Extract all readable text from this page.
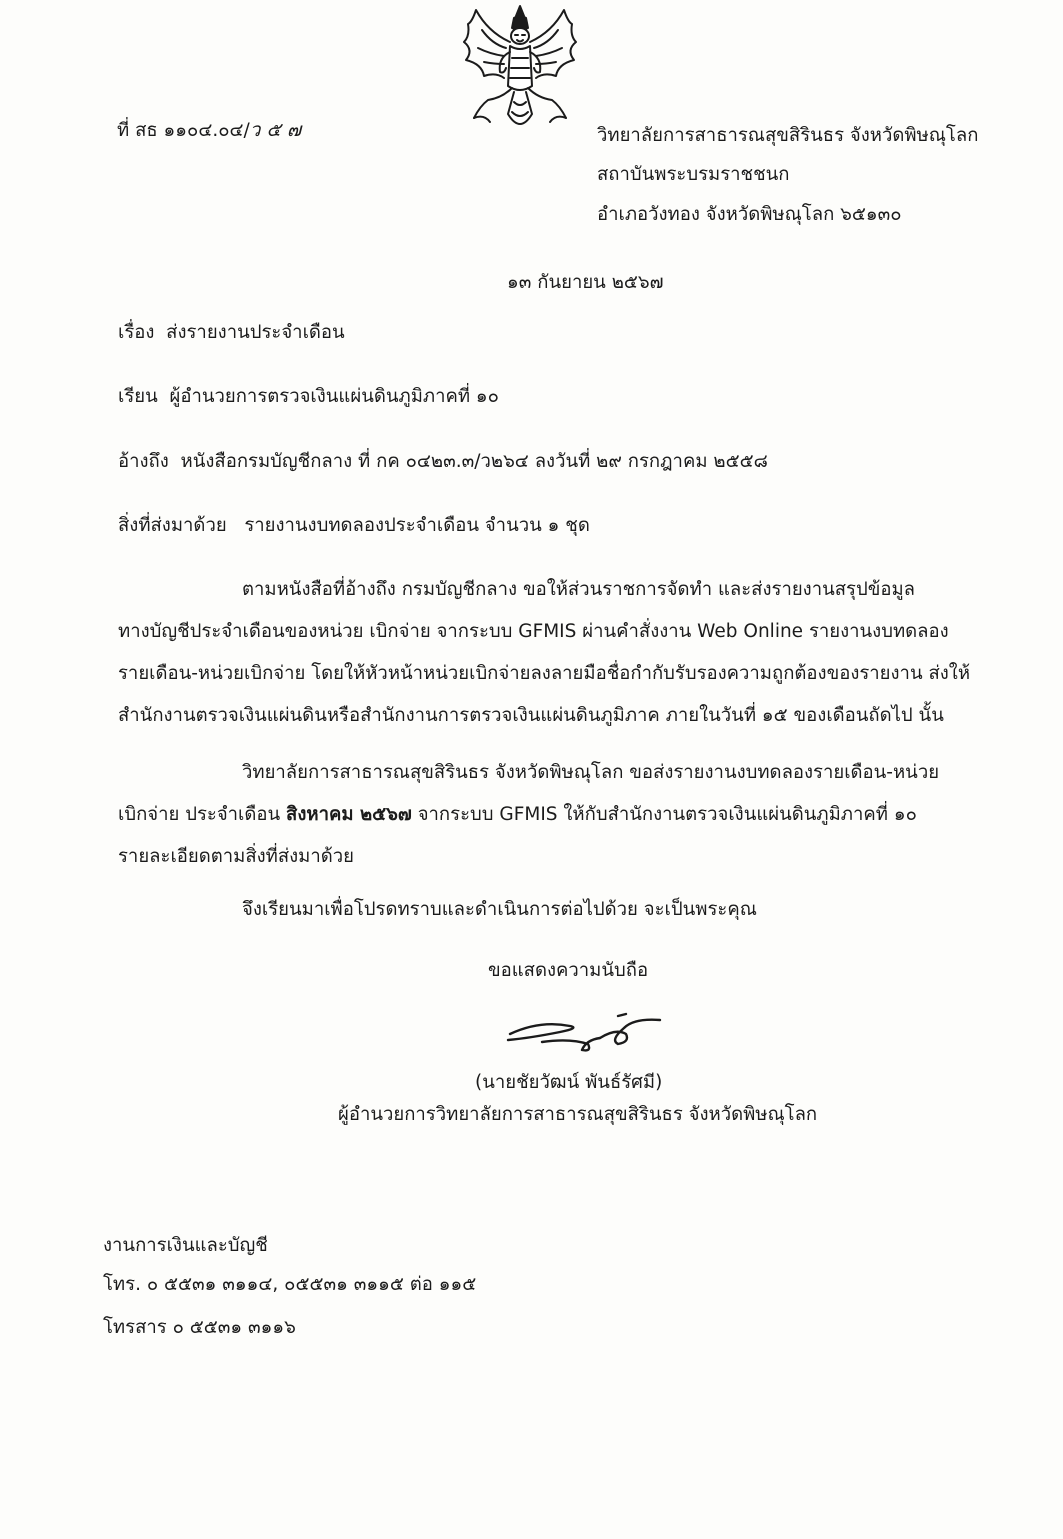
ที่ สธ ๑๑๐๔.๐๔/ว ๕ ๗	วิทยาลัยการสาธารณสุขสิรินธร จังหวัดพิษณุโลก
สถาบันพระบรมราชชนก
อำเภอวังทอง จังหวัดพิษณุโลก ๖๕๑๓๐
๑๓ กันยายน ๒๕๖๗
เรื่อง ส่งรายงานประจำเดือน
เรียน ผู้อำนวยการตรวจเงินแผ่นดินภูมิภาคที่ ๑๐
อ้างถึง หนังสือกรมบัญชีกลาง ที่ กค ๐๔๒๓.๓/ว๒๖๔ ลงวันที่ ๒๙ กรกฎาคม ๒๕๕๘
สิ่งที่ส่งมาด้วย รายงานงบทดลองประจำเดือน จำนวน ๑ ชุด
ตามหนังสือที่อ้างถึง กรมบัญชีกลาง ขอให้ส่วนราชการจัดทำ และส่งรายงานสรุปข้อมูล
ทางบัญชีประจำเดือนของหน่วย เบิกจ่าย จากระบบ GFMIS ผ่านคำสั่งงาน Web Online รายงานงบทดลอง
รายเดือน-หน่วยเบิกจ่าย โดยให้หัวหน้าหน่วยเบิกจ่ายลงลายมือชื่อกำกับรับรองความถูกต้องของรายงาน ส่งให้
สำนักงานตรวจเงินแผ่นดินหรือสำนักงานการตรวจเงินแผ่นดินภูมิภาค ภายในวันที่ ๑๕ ของเดือนถัดไป นั้น
วิทยาลัยการสาธารณสุขสิรินธร จังหวัดพิษณุโลก ขอส่งรายงานงบทดลองรายเดือน-หน่วย
เบิกจ่าย ประจำเดือน สิงหาคม ๒๕๖๗ จากระบบ GFMIS ให้กับสำนักงานตรวจเงินแผ่นดินภูมิภาคที่ ๑๐
รายละเอียดตามสิ่งที่ส่งมาด้วย
จึงเรียนมาเพื่อโปรดทราบและดำเนินการต่อไปด้วย จะเป็นพระคุณ
ขอแสดงความนับถือ
(นายชัยวัฒน์ พันธ์รัศมี)
ผู้อำนวยการวิทยาลัยการสาธารณสุขสิรินธร จังหวัดพิษณุโลก
งานการเงินและบัญชี
โทร. ๐ ๕๕๓๑ ๓๑๑๔, ๐๕๕๓๑ ๓๑๑๕ ต่อ ๑๑๕
โทรสาร ๐ ๕๕๓๑ ๓๑๑๖
